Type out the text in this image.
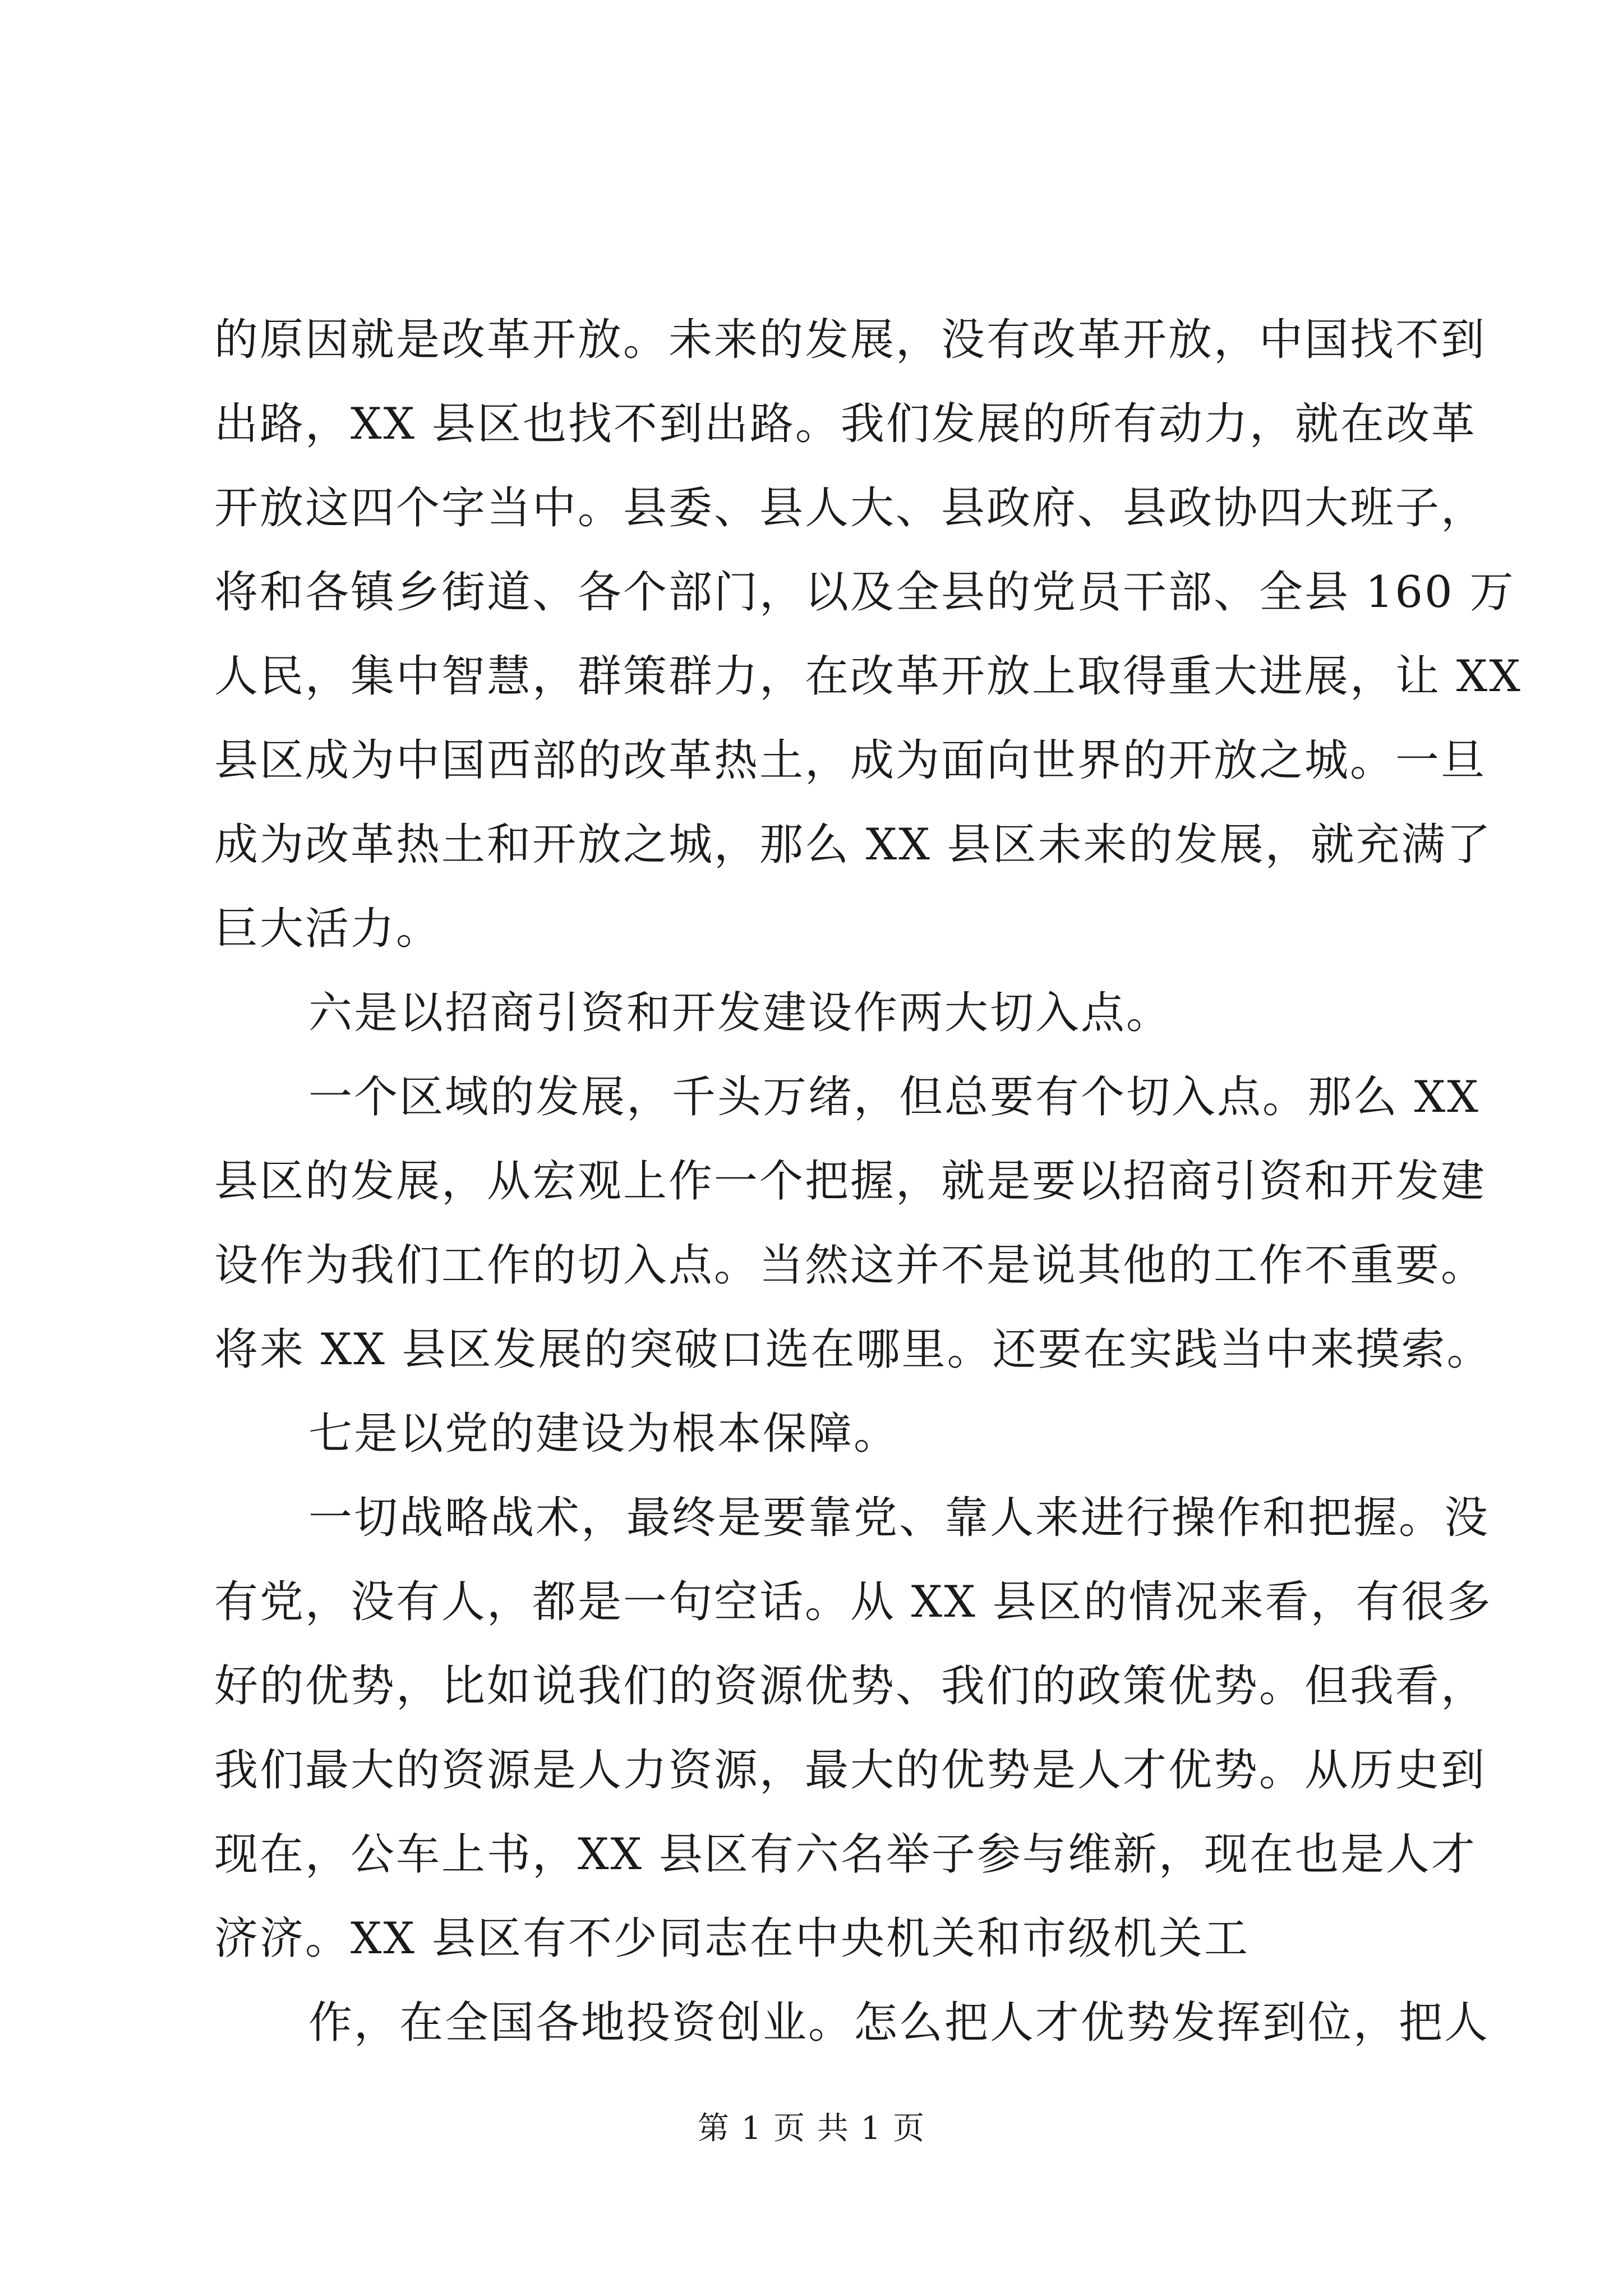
的原因就是改革开放。未来的发展，没有改革开放，中国找不到
出路，XX 县区也找不到出路。我们发展的所有动力，就在改革
开放这四个字当中。县委、县人大、县政府、县政协四大班子，
将和各镇乡街道、各个部门，以及全县的党员干部、全县 160 万
人民，集中智慧，群策群力，在改革开放上取得重大进展，让 XX
县区成为中国西部的改革热土，成为面向世界的开放之城。一旦
成为改革热土和开放之城，那么 XX 县区未来的发展，就充满了
巨大活力。
六是以招商引资和开发建设作两大切入点。
一个区域的发展，千头万绪，但总要有个切入点。那么 XX
县区的发展，从宏观上作一个把握，就是要以招商引资和开发建
设作为我们工作的切入点。当然这并不是说其他的工作不重要。
将来 XX 县区发展的突破口选在哪里。还要在实践当中来摸索。
七是以党的建设为根本保障。
一切战略战术，最终是要靠党、靠人来进行操作和把握。没
有党，没有人，都是一句空话。从 XX 县区的情况来看，有很多
好的优势，比如说我们的资源优势、我们的政策优势。但我看，
我们最大的资源是人力资源，最大的优势是人才优势。从历史到
现在，公车上书，XX 县区有六名举子参与维新，现在也是人才
济济。XX 县区有不少同志在中央机关和市级机关工
作，在全国各地投资创业。怎么把人才优势发挥到位，把人
第 1 页 共 1 页
